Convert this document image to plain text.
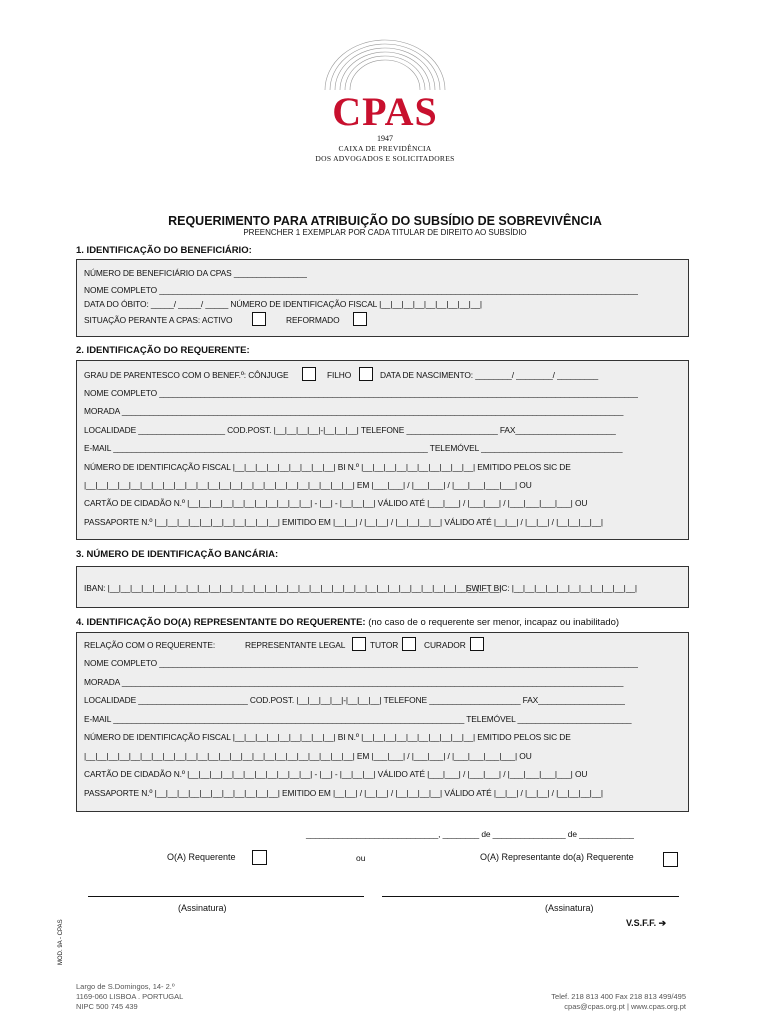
CPAS
1947
CAIXA DE PREVIDÊNCIA
DOS ADVOGADOS E SOLICITADORES
REQUERIMENTO PARA ATRIBUIÇÃO DO SUBSÍDIO DE SOBREVIVÊNCIA
PREENCHER 1 EXEMPLAR POR CADA TITULAR DE DIREITO AO SUBSÍDIO
1. IDENTIFICAÇÃO DO BENEFICIÁRIO:
NÚMERO DE BENEFICIÁRIO DA CPAS ________________
NOME COMPLETO _________________________________________________________________________________________________________
DATA DO ÓBITO: _____/ _____/ _____ NÚMERO DE IDENTIFICAÇÃO FISCAL |__|__|__|__|__|__|__|__|__|
SITUAÇÃO PERANTE A CPAS: ACTIVO	REFORMADO
2. IDENTIFICAÇÃO DO REQUERENTE:
GRAU DE PARENTESCO COM O BENEF.º: CÔNJUGE	FILHO	DATA DE NASCIMENTO: ________/ ________/ _________
NOME COMPLETO _________________________________________________________________________________________________________
MORADA ______________________________________________________________________________________________________________
LOCALIDADE ___________________ COD.POST. |__|__|__|__|-|__|__|__| TELEFONE ____________________ FAX______________________
E-MAIL _____________________________________________________________________ TELEMÓVEL _______________________________
NÚMERO DE IDENTIFICAÇÃO FISCAL |__|__|__|__|__|__|__|__|__| BI N.º |__|__|__|__|__|__|__|__|__|__| EMITIDO PELOS SIC DE
|__|__|__|__|__|__|__|__|__|__|__|__|__|__|__|__|__|__|__|__|__|__|__|__| EM |___|___| / |___|___| / |___|___|___|___| OU
CARTÃO DE CIDADÃO N.º |__|__|__|__|__|__|__|__|__|__|__| - |__| - |__|__|__| VÁLIDO ATÉ |___|___| / |___|___| / |___|___|___|___| OU
PASSAPORTE N.º |__|__|__|__|__|__|__|__|__|__|__| EMITIDO EM |__|__| / |__|__| / |__|__|__|__| VÁLIDO ATÉ |__|__| / |__|__| / |__|__|__|__|
3. NÚMERO DE IDENTIFICAÇÃO BANCÁRIA:
IBAN: |__|__|__|__|__|__|__|__|__|__|__|__|__|__|__|__|__|__|__|__|__|__|__|__|__|__|__|__|__|__|__|__|__|__|__|
SWIFT BIC: |__|__|__|__|__|__|__|__|__|__|__|
4. IDENTIFICAÇÃO DO(A) REPRESENTANTE DO REQUERENTE: (no caso de o requerente ser menor, incapaz ou inabilitado)
RELAÇÃO COM O REQUERENTE:	REPRESENTANTE LEGAL	TUTOR	CURADOR
NOME COMPLETO _________________________________________________________________________________________________________
MORADA ______________________________________________________________________________________________________________
LOCALIDADE ________________________ COD.POST. |__|__|__|__|-|__|__|__| TELEFONE ____________________ FAX___________________
E-MAIL _____________________________________________________________________________ TELEMÓVEL _________________________
NÚMERO DE IDENTIFICAÇÃO FISCAL |__|__|__|__|__|__|__|__|__| BI N.º |__|__|__|__|__|__|__|__|__|__| EMITIDO PELOS SIC DE
|__|__|__|__|__|__|__|__|__|__|__|__|__|__|__|__|__|__|__|__|__|__|__|__| EM |___|___| / |___|___| / |___|___|___|___| OU
CARTÃO DE CIDADÃO N.º |__|__|__|__|__|__|__|__|__|__|__| - |__| - |__|__|__| VÁLIDO ATÉ |___|___| / |___|___| / |___|___|___|___| OU
PASSAPORTE N.º |__|__|__|__|__|__|__|__|__|__|__| EMITIDO EM |__|__| / |__|__| / |__|__|__|__| VÁLIDO ATÉ |__|__| / |__|__| / |__|__|__|__|
_____________________________, ________ de ________________ de ____________
O(A) Requerente	ou	O(A) Representante do(a) Requerente
(Assinatura)	(Assinatura)
V.S.F.F. ➔
MOD. 9A - CPAS
Largo de S.Domingos, 14- 2.º
1169-060 LISBOA . PORTUGAL
NIPC 500 745 439
Telef. 218 813 400 Fax 218 813 499/495
cpas@cpas.org.pt | www.cpas.org.pt
